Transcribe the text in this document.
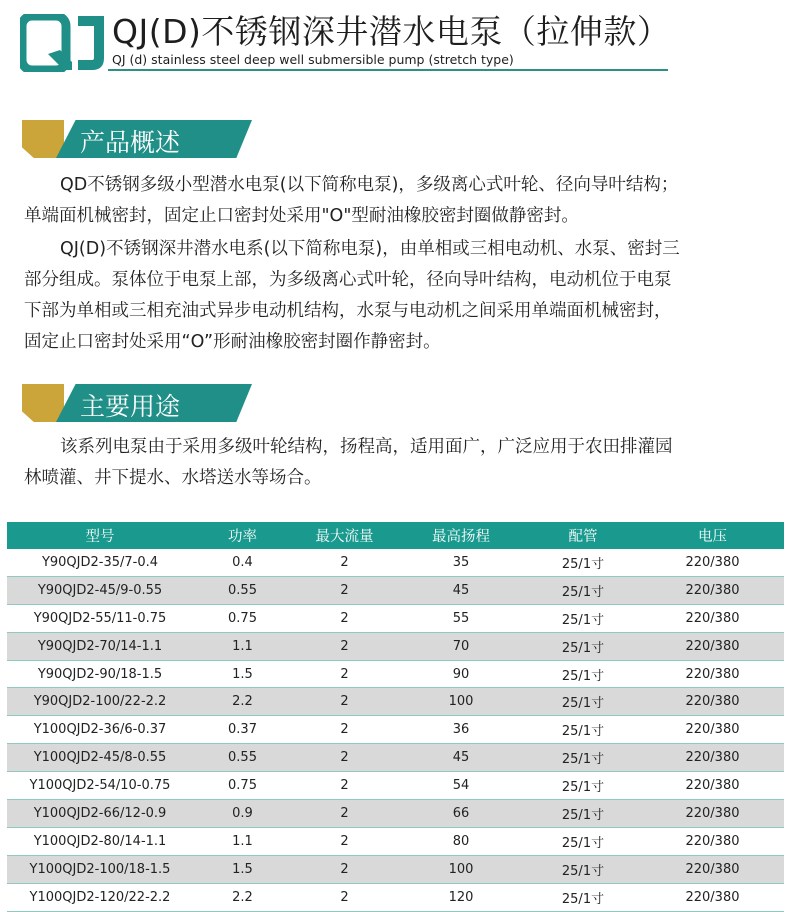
QJ(D)不锈钢深井潜水电泵（拉伸款）
QJ (d) stainless steel deep well submersible pump (stretch type)
产品概述

QD不锈钢多级小型潜水电泵(以下简称电泵)，多级离心式叶轮、径向导叶结构；
单端面机械密封，固定止口密封处采用"O"型耐油橡胶密封圈做静密封。

QJ(D)不锈钢深井潜水电系(以下简称电泵)，由单相或三相电动机、水泵、密封三
部分组成。泵体位于电泵上部，为多级离心式叶轮，径向导叶结构，电动机位于电泵
下部为单相或三相充油式异步电动机结构，水泵与电动机之间采用单端面机械密封，
固定止口密封处采用“O”形耐油橡胶密封圈作静密封。

主要用途

该系列电泵由于采用多级叶轮结构，扬程高，适用面广，广泛应用于农田排灌园
林喷灌、井下提水、水塔送水等场合。

型号	功率	最大流量	最高扬程	配管	电压
Y90QJD2-35/7-0.4	0.4	2	35	25/1寸	220/380
Y90QJD2-45/9-0.55	0.55	2	45	25/1寸	220/380
Y90QJD2-55/11-0.75	0.75	2	55	25/1寸	220/380
Y90QJD2-70/14-1.1	1.1	2	70	25/1寸	220/380
Y90QJD2-90/18-1.5	1.5	2	90	25/1寸	220/380
Y90QJD2-100/22-2.2	2.2	2	100	25/1寸	220/380
Y100QJD2-36/6-0.37	0.37	2	36	25/1寸	220/380
Y100QJD2-45/8-0.55	0.55	2	45	25/1寸	220/380
Y100QJD2-54/10-0.75	0.75	2	54	25/1寸	220/380
Y100QJD2-66/12-0.9	0.9	2	66	25/1寸	220/380
Y100QJD2-80/14-1.1	1.1	2	80	25/1寸	220/380
Y100QJD2-100/18-1.5	1.5	2	100	25/1寸	220/380
Y100QJD2-120/22-2.2	2.2	2	120	25/1寸	220/380
